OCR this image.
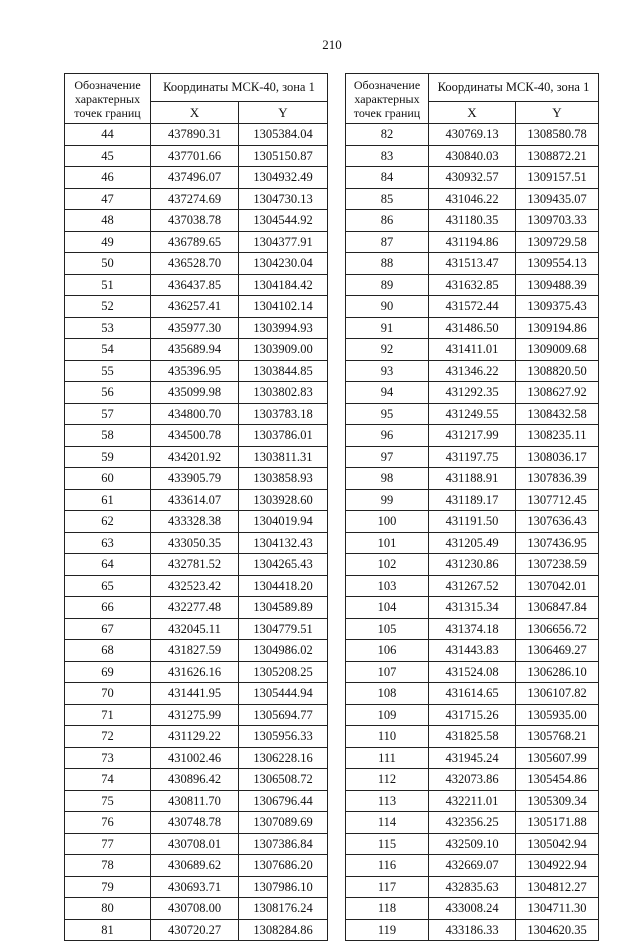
210
Обозначение характерных точек границ	Координаты МСК-40, зона 1	
	X	Y
44	437890.31	1305384.04
45	437701.66	1305150.87
46	437496.07	1304932.49
47	437274.69	1304730.13
48	437038.78	1304544.92
49	436789.65	1304377.91
50	436528.70	1304230.04
51	436437.85	1304184.42
52	436257.41	1304102.14
53	435977.30	1303994.93
54	435689.94	1303909.00
55	435396.95	1303844.85
56	435099.98	1303802.83
57	434800.70	1303783.18
58	434500.78	1303786.01
59	434201.92	1303811.31
60	433905.79	1303858.93
61	433614.07	1303928.60
62	433328.38	1304019.94
63	433050.35	1304132.43
64	432781.52	1304265.43
65	432523.42	1304418.20
66	432277.48	1304589.89
67	432045.11	1304779.51
68	431827.59	1304986.02
69	431626.16	1305208.25
70	431441.95	1305444.94
71	431275.99	1305694.77
72	431129.22	1305956.33
73	431002.46	1306228.16
74	430896.42	1306508.72
75	430811.70	1306796.44
76	430748.78	1307089.69
77	430708.01	1307386.84
78	430689.62	1307686.20
79	430693.71	1307986.10
80	430708.00	1308176.24
81	430720.27	1308284.86
Обозначение характерных точек границ	Координаты МСК-40, зона 1	
	X	Y
82	430769.13	1308580.78
83	430840.03	1308872.21
84	430932.57	1309157.51
85	431046.22	1309435.07
86	431180.35	1309703.33
87	431194.86	1309729.58
88	431513.47	1309554.13
89	431632.85	1309488.39
90	431572.44	1309375.43
91	431486.50	1309194.86
92	431411.01	1309009.68
93	431346.22	1308820.50
94	431292.35	1308627.92
95	431249.55	1308432.58
96	431217.99	1308235.11
97	431197.75	1308036.17
98	431188.91	1307836.39
99	431189.17	1307712.45
100	431191.50	1307636.43
101	431205.49	1307436.95
102	431230.86	1307238.59
103	431267.52	1307042.01
104	431315.34	1306847.84
105	431374.18	1306656.72
106	431443.83	1306469.27
107	431524.08	1306286.10
108	431614.65	1306107.82
109	431715.26	1305935.00
110	431825.58	1305768.21
111	431945.24	1305607.99
112	432073.86	1305454.86
113	432211.01	1305309.34
114	432356.25	1305171.88
115	432509.10	1305042.94
116	432669.07	1304922.94
117	432835.63	1304812.27
118	433008.24	1304711.30
119	433186.33	1304620.35
